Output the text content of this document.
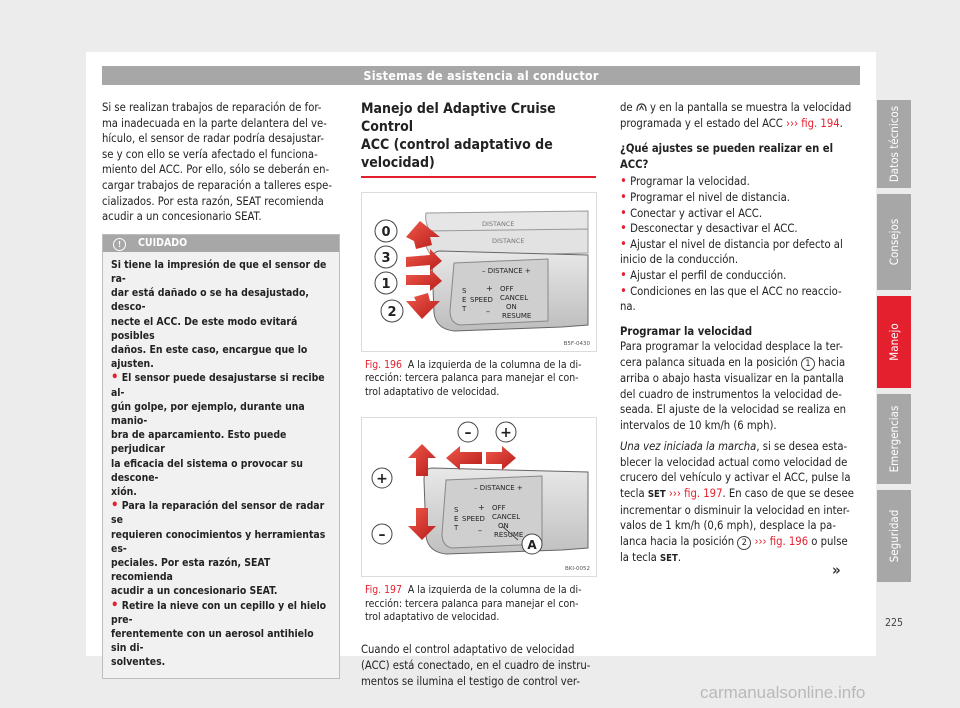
Sistemas de asistencia al conductor
Si se realizan trabajos de reparación de for-
ma inadecuada en la parte delantera del ve-
hículo, el sensor de radar podría desajustar-
se y con ello se vería afectado el funciona-
miento del ACC. Por ello, sólo se deberán en-
cargar trabajos de reparación a talleres espe-
cializados. Por esta razón, SEAT recomienda
acudir a un concesionario SEAT.
! CUIDADO
Si tiene la impresión de que el sensor de ra-
dar está dañado o se ha desajustado, desco-
necte el ACC. De este modo evitará posibles
daños. En este caso, encargue que lo ajusten.
• El sensor puede desajustarse si recibe al-
gún golpe, por ejemplo, durante una manio-
bra de aparcamiento. Esto puede perjudicar
la eficacia del sistema o provocar su descone-
xión.
• Para la reparación del sensor de radar se
requieren conocimientos y herramientas es-
peciales. Por esta razón, SEAT recomienda
acudir a un concesionario SEAT.
• Retire la nieve con un cepillo y el hielo pre-
ferentemente con un aerosol antihielo sin di-
solventes.
Manejo del Adaptive Cruise Control
ACC (control adaptativo de velocidad)
DISTANCE
DISTANCE
– DISTANCE +
S
E
T
SPEED
+
–
OFF
CANCEL
ON
RESUME
0
3
1
2
B5F-0430
Fig. 196 A la izquierda de la columna de la di-
rección: tercera palanca para manejar el con-
trol adaptativo de velocidad.
– DISTANCE +
S
E
T
SPEED
+
–
OFF
CANCEL
ON
RESUME
– +
+
–
A
BKI-0052
Fig. 197 A la izquierda de la columna de la di-
rección: tercera palanca para manejar el con-
trol adaptativo de velocidad.
Cuando el control adaptativo de velocidad
(ACC) está conectado, en el cuadro de instru-
mentos se ilumina el testigo de control ver-
de  y en la pantalla se muestra la velocidad
programada y el estado del ACC ››› fig. 194.
¿Qué ajustes se pueden realizar en el ACC?
• Programar la velocidad.
• Programar el nivel de distancia.
• Conectar y activar el ACC.
• Desconectar y desactivar el ACC.
• Ajustar el nivel de distancia por defecto al
inicio de la conducción.
• Ajustar el perfil de conducción.
• Condiciones en las que el ACC no reaccio-
na.
Programar la velocidad
Para programar la velocidad desplace la ter-
cera palanca situada en la posición 1 hacia
arriba o abajo hasta visualizar en la pantalla
del cuadro de instrumentos la velocidad de-
seada. El ajuste de la velocidad se realiza en
intervalos de 10 km/h (6 mph).
Una vez iniciada la marcha, si se desea esta-
blecer la velocidad actual como velocidad de
crucero del vehículo y activar el ACC, pulse la
tecla SET ››› fig. 197. En caso de que se desee
incrementar o disminuir la velocidad en inter-
valos de 1 km/h (0,6 mph), desplace la pa-
lanca hacia la posición 2 ››› fig. 196 o pulse
la tecla SET.
»
Datos técnicos
Consejos
Manejo
Emergencias
Seguridad
225
carmanualsonline.info
